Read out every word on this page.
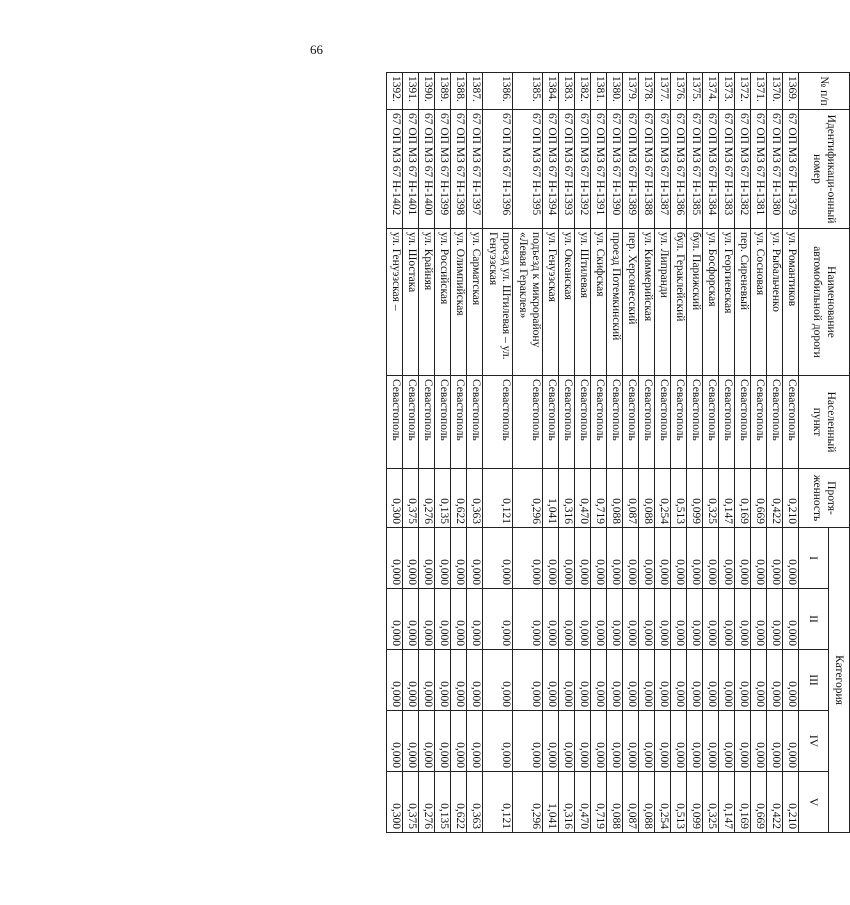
66
№ п/п	Идентификаци-онный номер	Наименование автомобильной дороги	Населенный пункт	Протя-женность	Категория				
					I	II	III	IV	V
1369.	67 ОП МЗ 67 Н-1379	ул. Романтиков	Севастополь	0,210	0,000	0,000	0,000	0,000	0,210
1370.	67 ОП МЗ 67 Н-1380	ул. Рыбальченко	Севастополь	0,422	0,000	0,000	0,000	0,000	0,422
1371.	67 ОП МЗ 67 Н-1381	ул. Сосновая	Севастополь	0,669	0,000	0,000	0,000	0,000	0,669
1372.	67 ОП МЗ 67 Н-1382	пер. Сиреневый	Севастополь	0,169	0,000	0,000	0,000	0,000	0,169
1373.	67 ОП МЗ 67 Н-1383	ул. Георгиевская	Севастополь	0,147	0,000	0,000	0,000	0,000	0,147
1374.	67 ОП МЗ 67 Н-1384	ул. Босфорская	Севастополь	0,325	0,000	0,000	0,000	0,000	0,325
1375.	67 ОП МЗ 67 Н-1385	бул. Парижский	Севастополь	0,099	0,000	0,000	0,000	0,000	0,099
1376.	67 ОП МЗ 67 Н-1386	бул. Гераклейский	Севастополь	0,513	0,000	0,000	0,000	0,000	0,513
1377.	67 ОП МЗ 67 Н-1387	ул. Липранди	Севастополь	0,254	0,000	0,000	0,000	0,000	0,254
1378.	67 ОП МЗ 67 Н-1388	ул. Киммерийская	Севастополь	0,088	0,000	0,000	0,000	0,000	0,088
1379.	67 ОП МЗ 67 Н-1389	пер. Херсонесский	Севастополь	0,087	0,000	0,000	0,000	0,000	0,087
1380.	67 ОП МЗ 67 Н-1390	проезд Потемкинский	Севастополь	0,088	0,000	0,000	0,000	0,000	0,088
1381.	67 ОП МЗ 67 Н-1391	ул. Скифская	Севастополь	0,719	0,000	0,000	0,000	0,000	0,719
1382.	67 ОП МЗ 67 Н-1392	ул. Штилевая	Севастополь	0,470	0,000	0,000	0,000	0,000	0,470
1383.	67 ОП МЗ 67 Н-1393	ул. Океанская	Севастополь	0,316	0,000	0,000	0,000	0,000	0,316
1384.	67 ОП МЗ 67 Н-1394	ул. Генуэзская	Севастополь	1,041	0,000	0,000	0,000	0,000	1,041
1385.	67 ОП МЗ 67 Н-1395	подъезд к микрорайону «Левая Гераклея»	Севастополь	0,296	0,000	0,000	0,000	0,000	0,296
1386.	67 ОП МЗ 67 Н-1396	проезд ул. Штилевая – ул. Генуэзская	Севастополь	0,121	0,000	0,000	0,000	0,000	0,121
1387.	67 ОП МЗ 67 Н-1397	ул. Сарматская	Севастополь	0,363	0,000	0,000	0,000	0,000	0,363
1388.	67 ОП МЗ 67 Н-1398	ул. Олимпийская	Севастополь	0,622	0,000	0,000	0,000	0,000	0,622
1389.	67 ОП МЗ 67 Н-1399	ул. Российская	Севастополь	0,135	0,000	0,000	0,000	0,000	0,135
1390.	67 ОП МЗ 67 Н-1400	ул. Крайняя	Севастополь	0,276	0,000	0,000	0,000	0,000	0,276
1391.	67 ОП МЗ 67 Н-1401	ул. Шостака	Севастополь	0,375	0,000	0,000	0,000	0,000	0,375
1392.	67 ОП МЗ 67 Н-1402	ул. Генуэзская –	Севастополь	0,300	0,000	0,000	0,000	0,000	0,300
